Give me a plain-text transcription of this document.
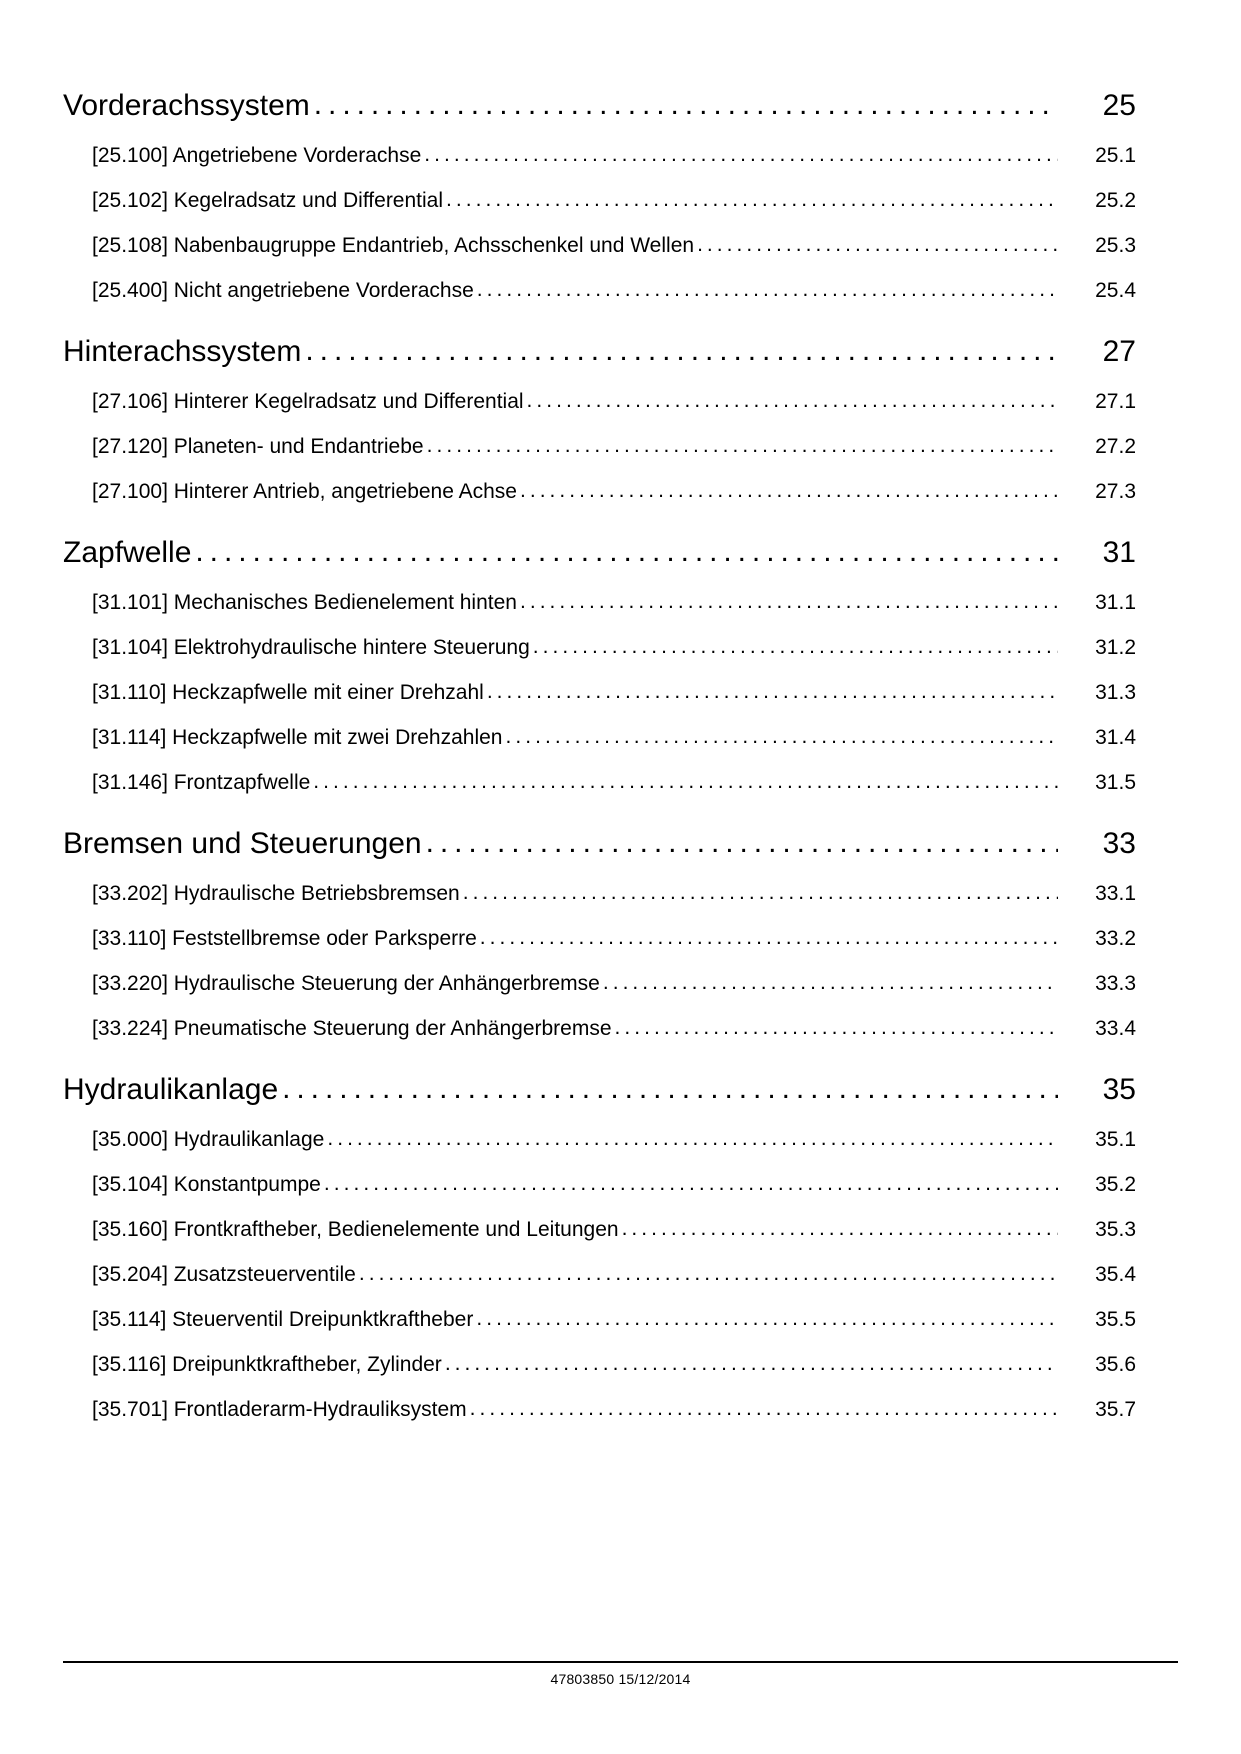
Vorderachssystem . . .	25
[25.100] Angetriebene Vorderachse . . .	25.1
[25.102] Kegelradsatz und Differential . . .	25.2
[25.108] Nabenbaugruppe Endantrieb, Achsschenkel und Wellen . . .	25.3
[25.400] Nicht angetriebene Vorderachse . . .	25.4
Hinterachssystem . . .	27
[27.106] Hinterer Kegelradsatz und Differential . . .	27.1
[27.120] Planeten- und Endantriebe . . .	27.2
[27.100] Hinterer Antrieb, angetriebene Achse . . .	27.3
Zapfwelle . . .	31
[31.101] Mechanisches Bedienelement hinten . . .	31.1
[31.104] Elektrohydraulische hintere Steuerung . . .	31.2
[31.110] Heckzapfwelle mit einer Drehzahl . . .	31.3
[31.114] Heckzapfwelle mit zwei Drehzahlen . . .	31.4
[31.146] Frontzapfwelle . . .	31.5
Bremsen und Steuerungen . . .	33
[33.202] Hydraulische Betriebsbremsen . . .	33.1
[33.110] Feststellbremse oder Parksperre . . .	33.2
[33.220] Hydraulische Steuerung der Anhängerbremse . . .	33.3
[33.224] Pneumatische Steuerung der Anhängerbremse . . .	33.4
Hydraulikanlage . . .	35
[35.000] Hydraulikanlage . . .	35.1
[35.104] Konstantpumpe . . .	35.2
[35.160] Frontkraftheber, Bedienelemente und Leitungen . . .	35.3
[35.204] Zusatzsteuerventile . . .	35.4
[35.114] Steuerventil Dreipunktkraftheber . . .	35.5
[35.116] Dreipunktkraftheber, Zylinder . . .	35.6
[35.701] Frontladerarm-Hydrauliksystem . . .	35.7
47803850 15/12/2014
